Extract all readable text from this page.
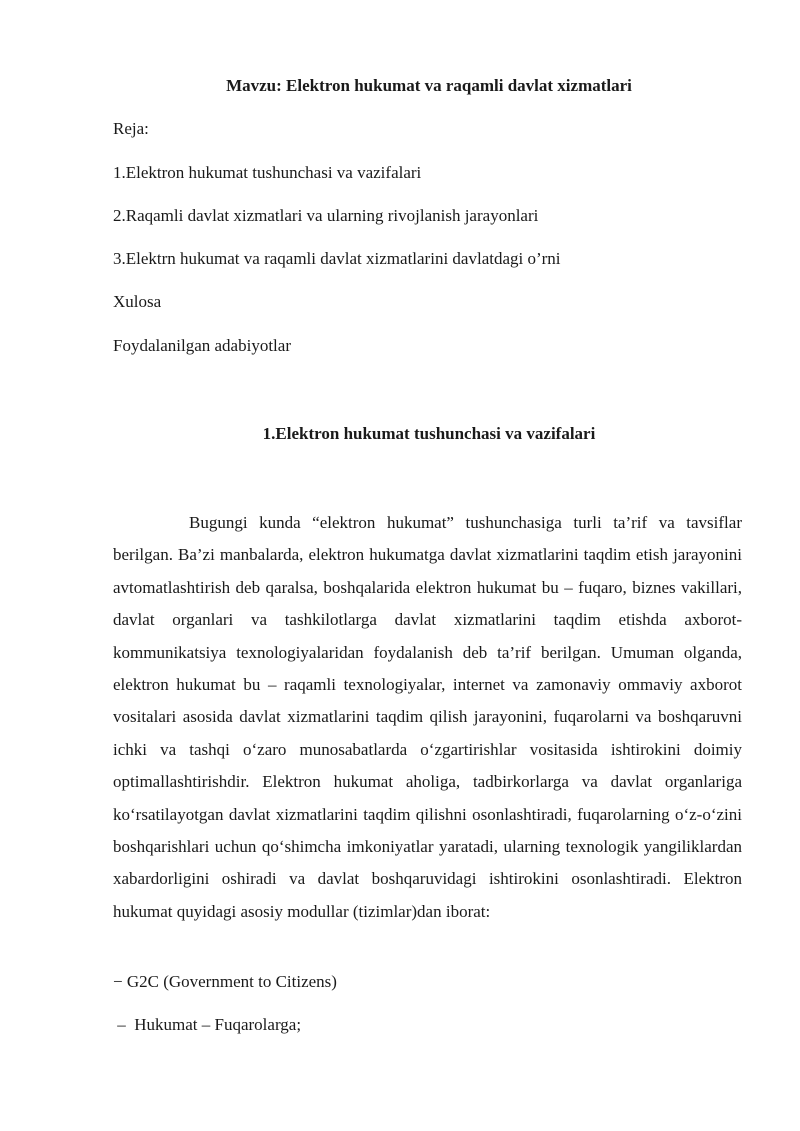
Mavzu: Elektron hukumat va raqamli davlat xizmatlari

Reja:

1.Elektron hukumat tushunchasi va vazifalari

2.Raqamli davlat xizmatlari va ularning rivojlanish jarayonlari

3.Elektrn hukumat va raqamli davlat xizmatlarini davlatdagi o’rni

Xulosa

Foydalanilgan adabiyotlar

1.Elektron hukumat tushunchasi va vazifalari

Bugungi kunda “elektron hukumat” tushunchasiga turli ta’rif va tavsiflar berilgan. Ba’zi manbalarda, elektron hukumatga davlat xizmatlarini taqdim etish jarayonini avtomatlashtirish deb qaralsa, boshqalarida elektron hukumat bu – fuqaro, biznes vakillari, davlat organlari va tashkilotlarga davlat xizmatlarini taqdim etishda axborot-kommunikatsiya texnologiyalaridan foydalanish deb ta’rif berilgan. Umuman olganda, elektron hukumat bu – raqamli texnologiyalar, internet va zamonaviy ommaviy axborot vositalari asosida davlat xizmatlarini taqdim qilish jarayonini, fuqarolarni va boshqaruvni ichki va tashqi oʻzaro munosabatlarda oʻzgartirishlar vositasida ishtirokini doimiy optimallashtirishdir. Elektron hukumat aholiga, tadbirkorlarga va davlat organlariga koʻrsatilayotgan davlat xizmatlarini taqdim qilishni osonlashtiradi, fuqarolarning oʻz-oʻzini boshqarishlari uchun qoʻshimcha imkoniyatlar yaratadi, ularning texnologik yangiliklardan xabardorligini oshiradi va davlat boshqaruvidagi ishtirokini osonlashtiradi. Elektron hukumat quyidagi asosiy modullar (tizimlar)dan iborat:

− G2C (Government to Citizens)

–  Hukumat – Fuqarolarga;
